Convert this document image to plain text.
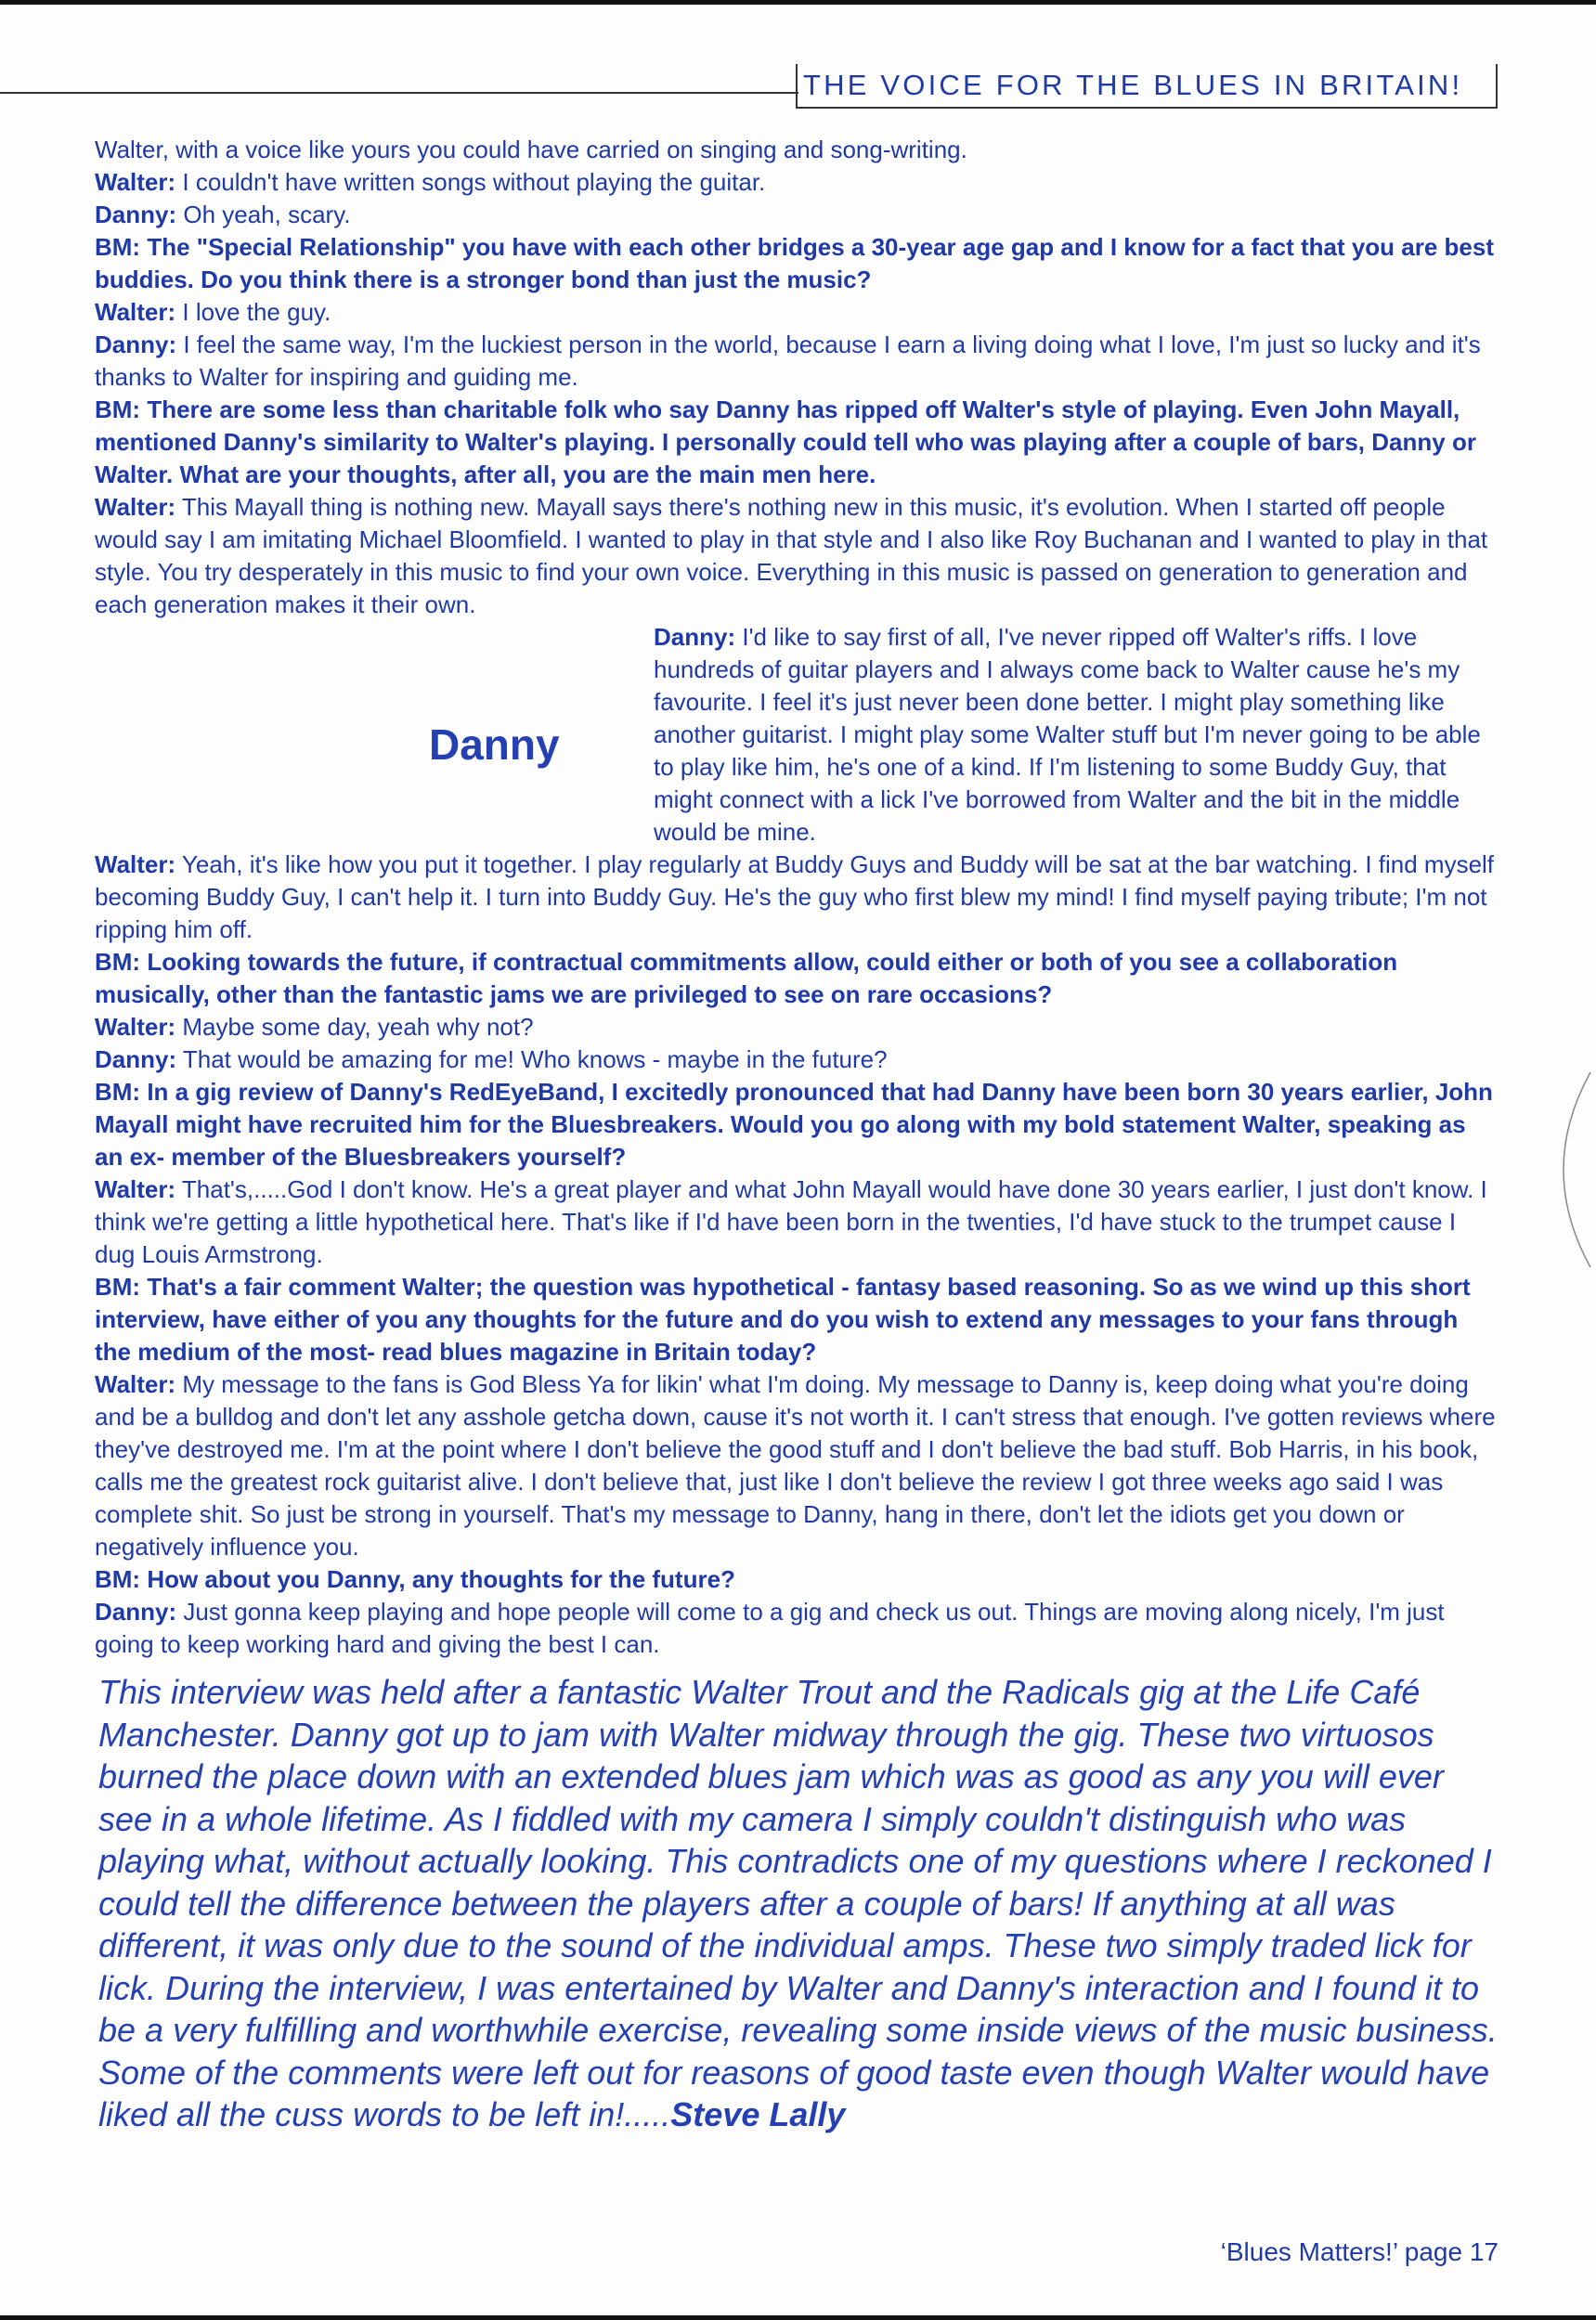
THE VOICE FOR THE BLUES IN BRITAIN!

Walter, with a voice like yours you could have carried on singing and song-writing.

Walter: I couldn't have written songs without playing the guitar.

Danny: Oh yeah, scary.

BM: The "Special Relationship" you have with each other bridges a 30-year age gap and I know for a fact that you are best buddies. Do you think there is a stronger bond than just the music?

Walter: I love the guy.

Danny: I feel the same way, I'm the luckiest person in the world, because I earn a living doing what I love, I'm just so lucky and it's thanks to Walter for inspiring and guiding me.

BM: There are some less than charitable folk who say Danny has ripped off Walter's style of playing. Even John Mayall, mentioned Danny's similarity to Walter's playing. I personally could tell who was playing after a couple of bars, Danny or Walter. What are your thoughts, after all, you are the main men here.

Walter: This Mayall thing is nothing new. Mayall says there's nothing new in this music, it's evolution. When I started off people would say I am imitating Michael Bloomfield. I wanted to play in that style and I also like Roy Buchanan and I wanted to play in that style. You try desperately in this music to find your own voice. Everything in this music is passed on generation to generation and each generation makes it their own.

Danny

Danny: I'd like to say first of all, I've never ripped off Walter's riffs. I love hundreds of guitar players and I always come back to Walter cause he's my favourite. I feel it's just never been done better. I might play something like another guitarist. I might play some Walter stuff but I'm never going to be able to play like him, he's one of a kind. If I'm listening to some Buddy Guy, that might connect with a lick I've borrowed from Walter and the bit in the middle would be mine.

Walter: Yeah, it's like how you put it together. I play regularly at Buddy Guys and Buddy will be sat at the bar watching. I find myself becoming Buddy Guy, I can't help it. I turn into Buddy Guy. He's the guy who first blew my mind! I find myself paying tribute; I'm not ripping him off.

BM: Looking towards the future, if contractual commitments allow, could either or both of you see a collaboration musically, other than the fantastic jams we are privileged to see on rare occasions?

Walter: Maybe some day, yeah why not?

Danny: That would be amazing for me! Who knows - maybe in the future?

BM: In a gig review of Danny's RedEyeBand, I excitedly pronounced that had Danny have been born 30 years earlier, John Mayall might have recruited him for the Bluesbreakers. Would you go along with my bold statement Walter, speaking as an ex- member of the Bluesbreakers yourself?

Walter: That's,.....God I don't know. He's a great player and what John Mayall would have done 30 years earlier, I just don't know. I think we're getting a little hypothetical here. That's like if I'd have been born in the twenties, I'd have stuck to the trumpet cause I dug Louis Armstrong.

BM: That's a fair comment Walter; the question was hypothetical - fantasy based reasoning. So as we wind up this short interview, have either of you any thoughts for the future and do you wish to extend any messages to your fans through the medium of the most- read blues magazine in Britain today?

Walter: My message to the fans is God Bless Ya for likin' what I'm doing. My message to Danny is, keep doing what you're doing and be a bulldog and don't let any asshole getcha down, cause it's not worth it. I can't stress that enough. I've gotten reviews where they've destroyed me. I'm at the point where I don't believe the good stuff and I don't believe the bad stuff. Bob Harris, in his book, calls me the greatest rock guitarist alive. I don't believe that, just like I don't believe the review I got three weeks ago said I was complete shit. So just be strong in yourself. That's my message to Danny, hang in there, don't let the idiots get you down or negatively influence you.

BM: How about you Danny, any thoughts for the future?

Danny: Just gonna keep playing and hope people will come to a gig and check us out. Things are moving along nicely, I'm just going to keep working hard and giving the best I can.

This interview was held after a fantastic Walter Trout and the Radicals gig at the Life Café Manchester. Danny got up to jam with Walter midway through the gig. These two virtuosos burned the place down with an extended blues jam which was as good as any you will ever see in a whole lifetime. As I fiddled with my camera I simply couldn't distinguish who was playing what, without actually looking. This contradicts one of my questions where I reckoned I could tell the difference between the players after a couple of bars! If anything at all was different, it was only due to the sound of the individual amps. These two simply traded lick for lick. During the interview, I was entertained by Walter and Danny's interaction and I found it to be a very fulfilling and worthwhile exercise, revealing some inside views of the music business. Some of the comments were left out for reasons of good taste even though Walter would have liked all the cuss words to be left in!.....Steve Lally
‘Blues Matters!’ page 17
